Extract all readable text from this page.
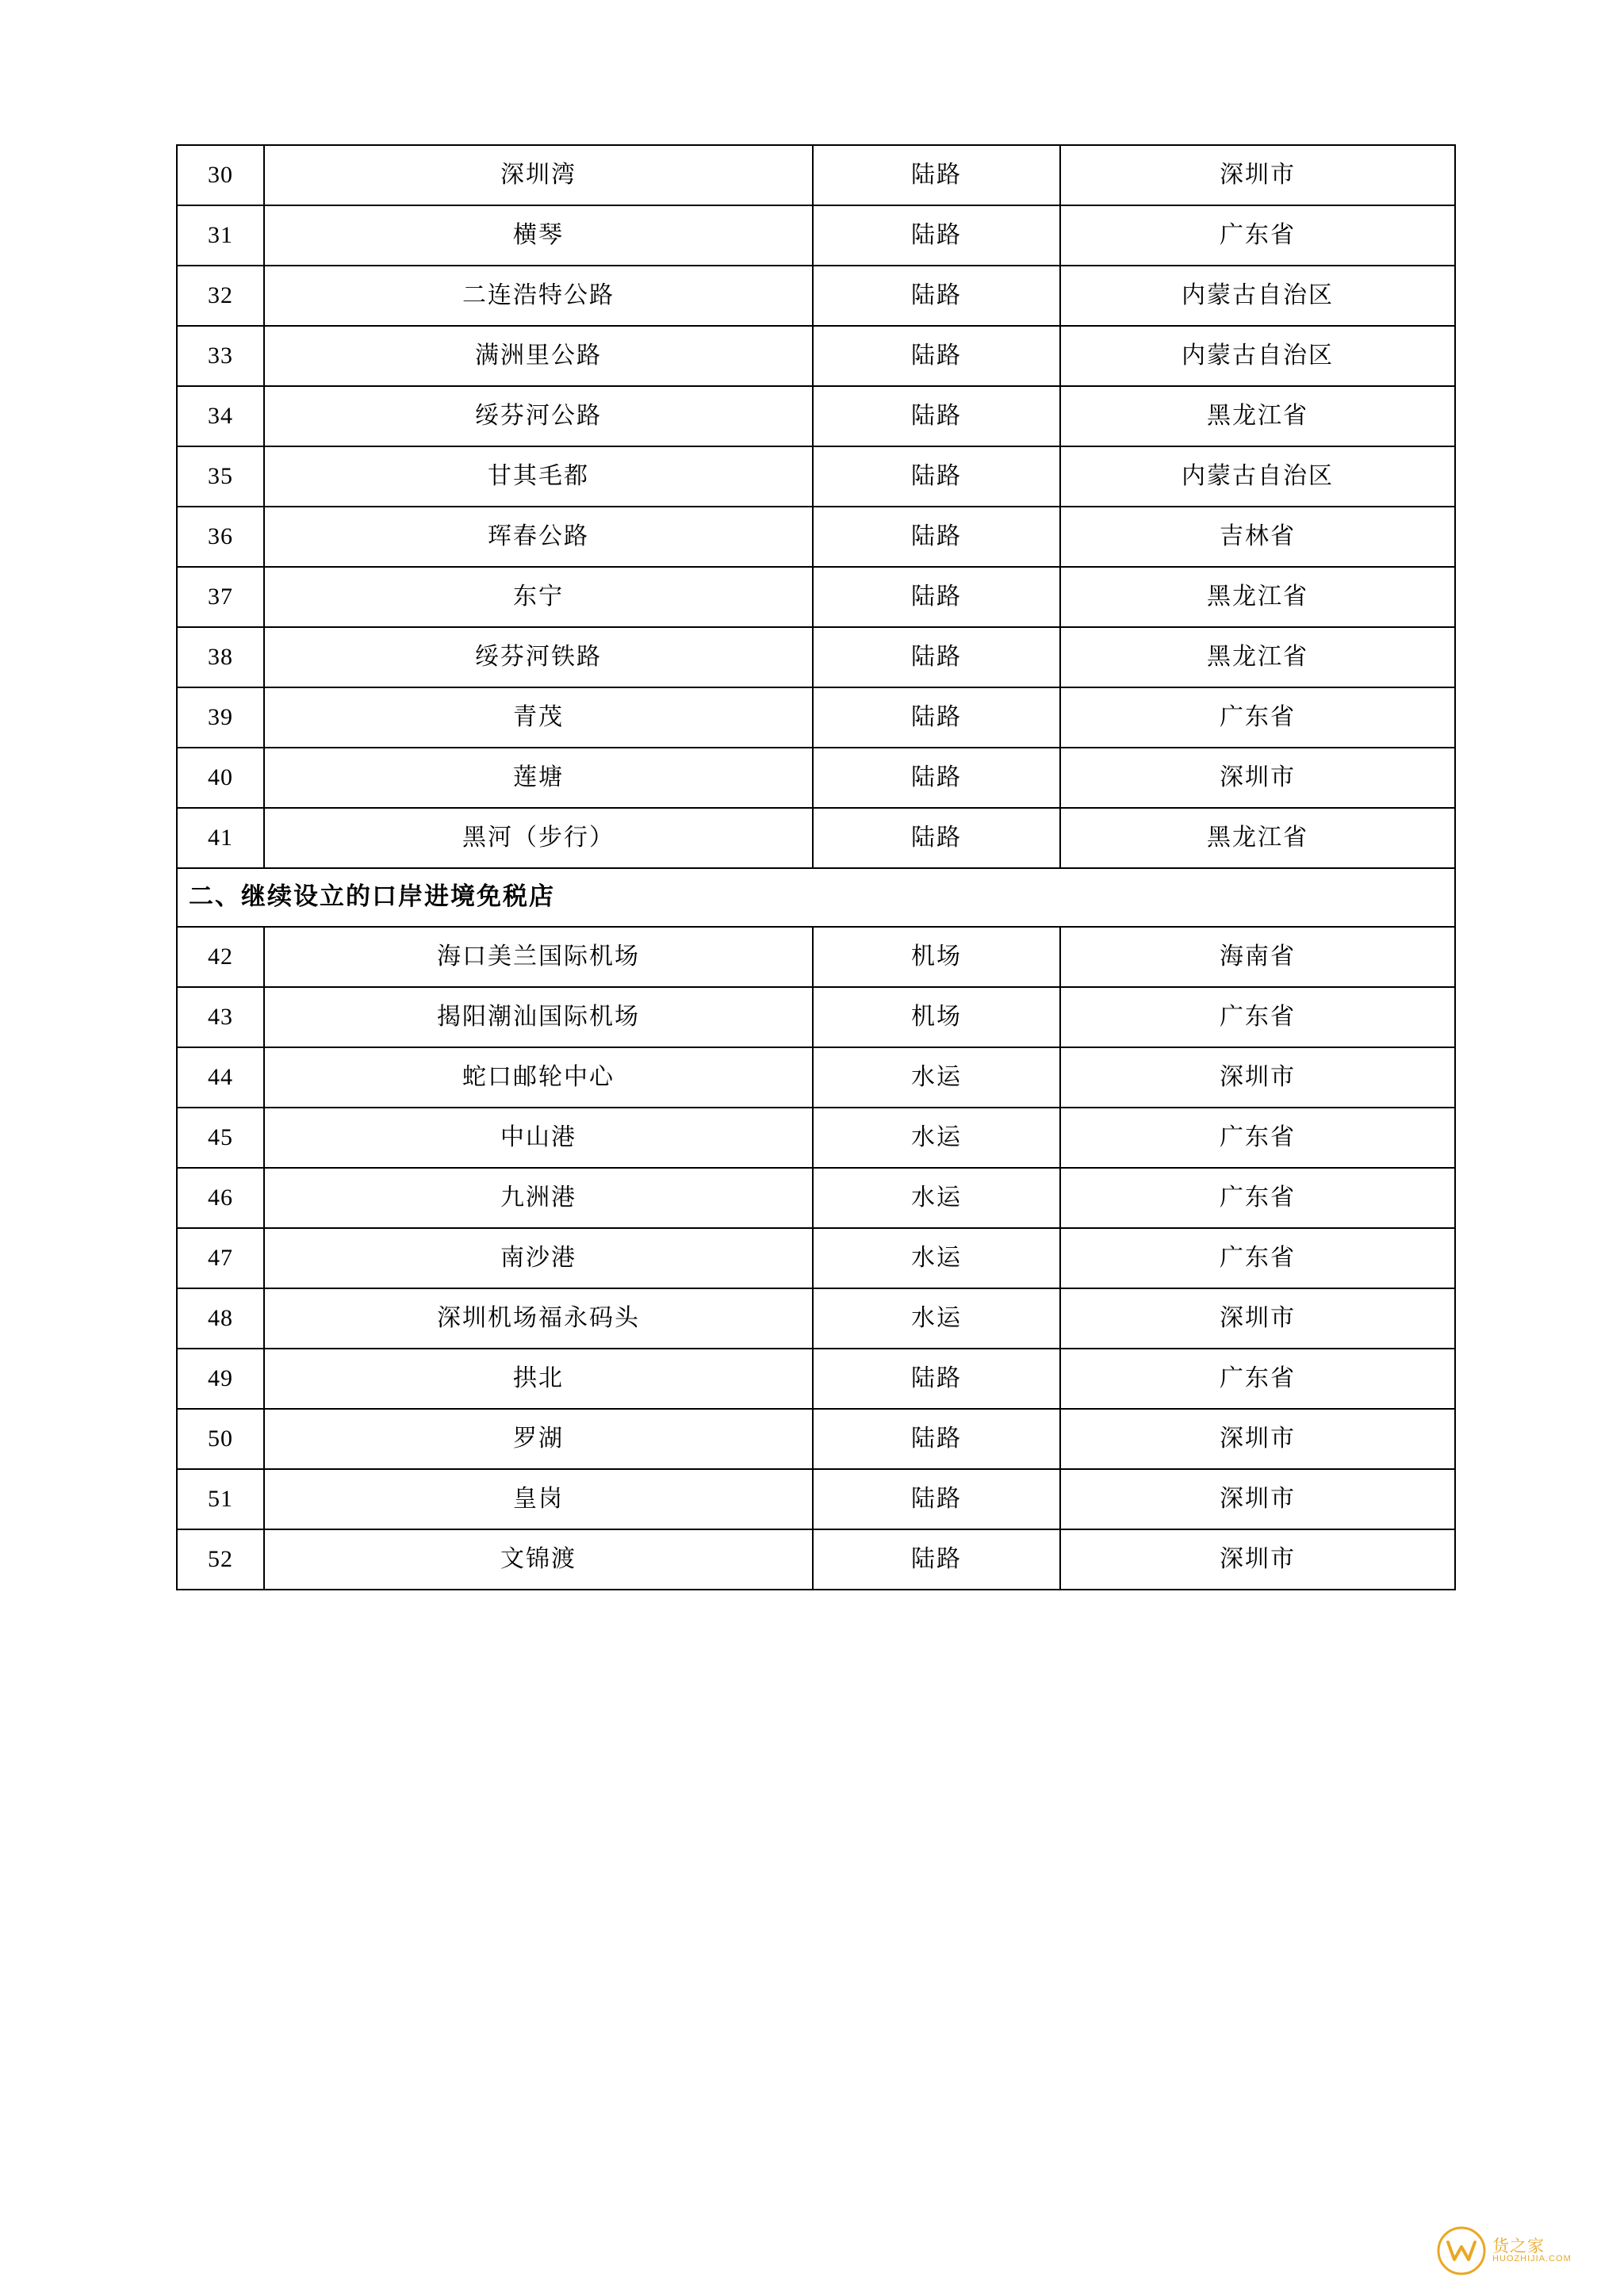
30	深圳湾	陆路	深圳市
31	横琴	陆路	广东省
32	二连浩特公路	陆路	内蒙古自治区
33	满洲里公路	陆路	内蒙古自治区
34	绥芬河公路	陆路	黑龙江省
35	甘其毛都	陆路	内蒙古自治区
36	珲春公路	陆路	吉林省
37	东宁	陆路	黑龙江省
38	绥芬河铁路	陆路	黑龙江省
39	青茂	陆路	广东省
40	莲塘	陆路	深圳市
41	黑河（步行）	陆路	黑龙江省
二、继续设立的口岸进境免税店			
42	海口美兰国际机场	机场	海南省
43	揭阳潮汕国际机场	机场	广东省
44	蛇口邮轮中心	水运	深圳市
45	中山港	水运	广东省
46	九洲港	水运	广东省
47	南沙港	水运	广东省
48	深圳机场福永码头	水运	深圳市
49	拱北	陆路	广东省
50	罗湖	陆路	深圳市
51	皇岗	陆路	深圳市
52	文锦渡	陆路	深圳市
货之家
HUOZHIJIA.COM
